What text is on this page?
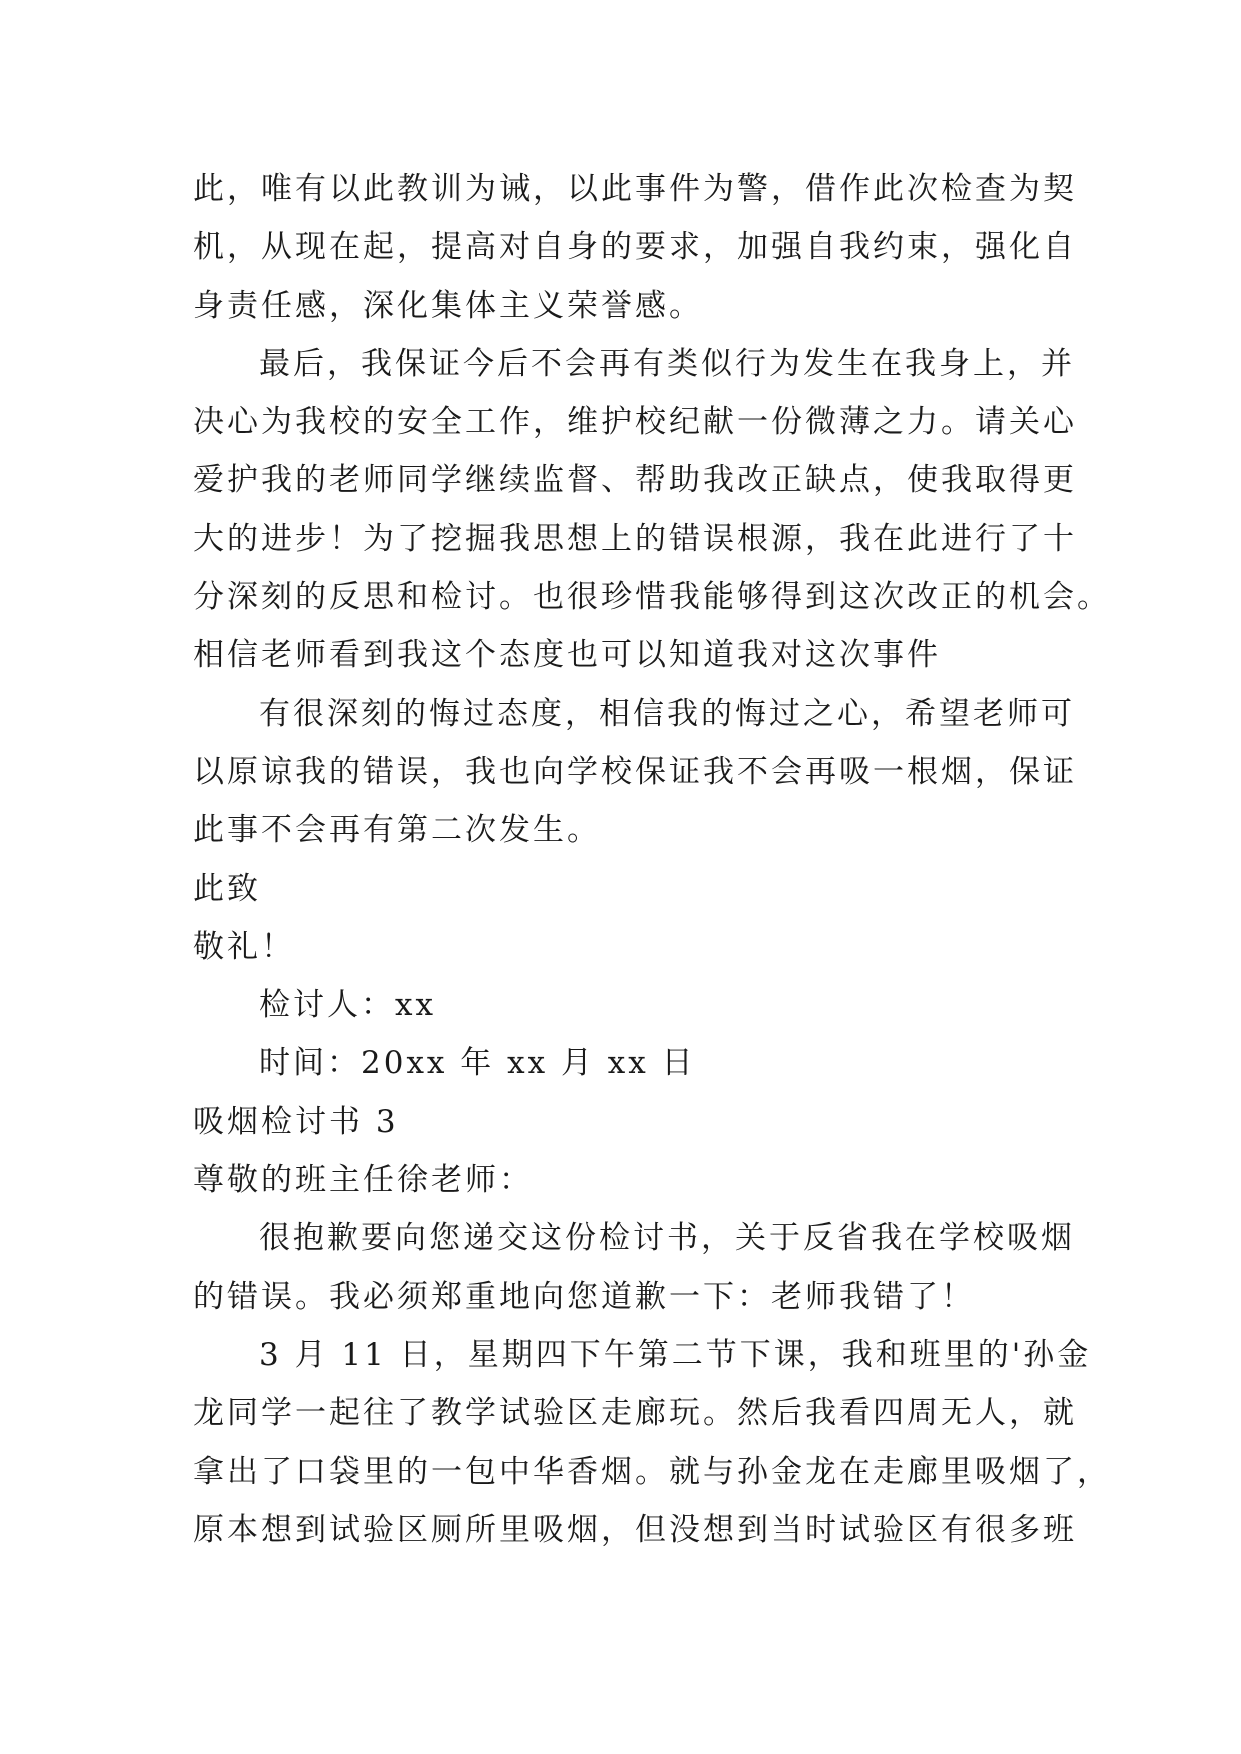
此，唯有以此教训为诫，以此事件为警，借作此次检查为契
机，从现在起，提高对自身的要求，加强自我约束，强化自
身责任感，深化集体主义荣誉感。
最后，我保证今后不会再有类似行为发生在我身上，并
决心为我校的安全工作，维护校纪献一份微薄之力。请关心
爱护我的老师同学继续监督、帮助我改正缺点，使我取得更
大的进步！为了挖掘我思想上的错误根源，我在此进行了十
分深刻的反思和检讨。也很珍惜我能够得到这次改正的机会。
相信老师看到我这个态度也可以知道我对这次事件
有很深刻的悔过态度，相信我的悔过之心，希望老师可
以原谅我的错误，我也向学校保证我不会再吸一根烟，保证
此事不会再有第二次发生。
此致
敬礼！
检讨人：xx
时间：20xx 年 xx 月 xx 日
吸烟检讨书 3
尊敬的班主任徐老师：
很抱歉要向您递交这份检讨书，关于反省我在学校吸烟
的错误。我必须郑重地向您道歉一下：老师我错了！
3 月 11 日，星期四下午第二节下课，我和班里的'孙金
龙同学一起往了教学试验区走廊玩。然后我看四周无人，就
拿出了口袋里的一包中华香烟。就与孙金龙在走廊里吸烟了，
原本想到试验区厕所里吸烟，但没想到当时试验区有很多班
